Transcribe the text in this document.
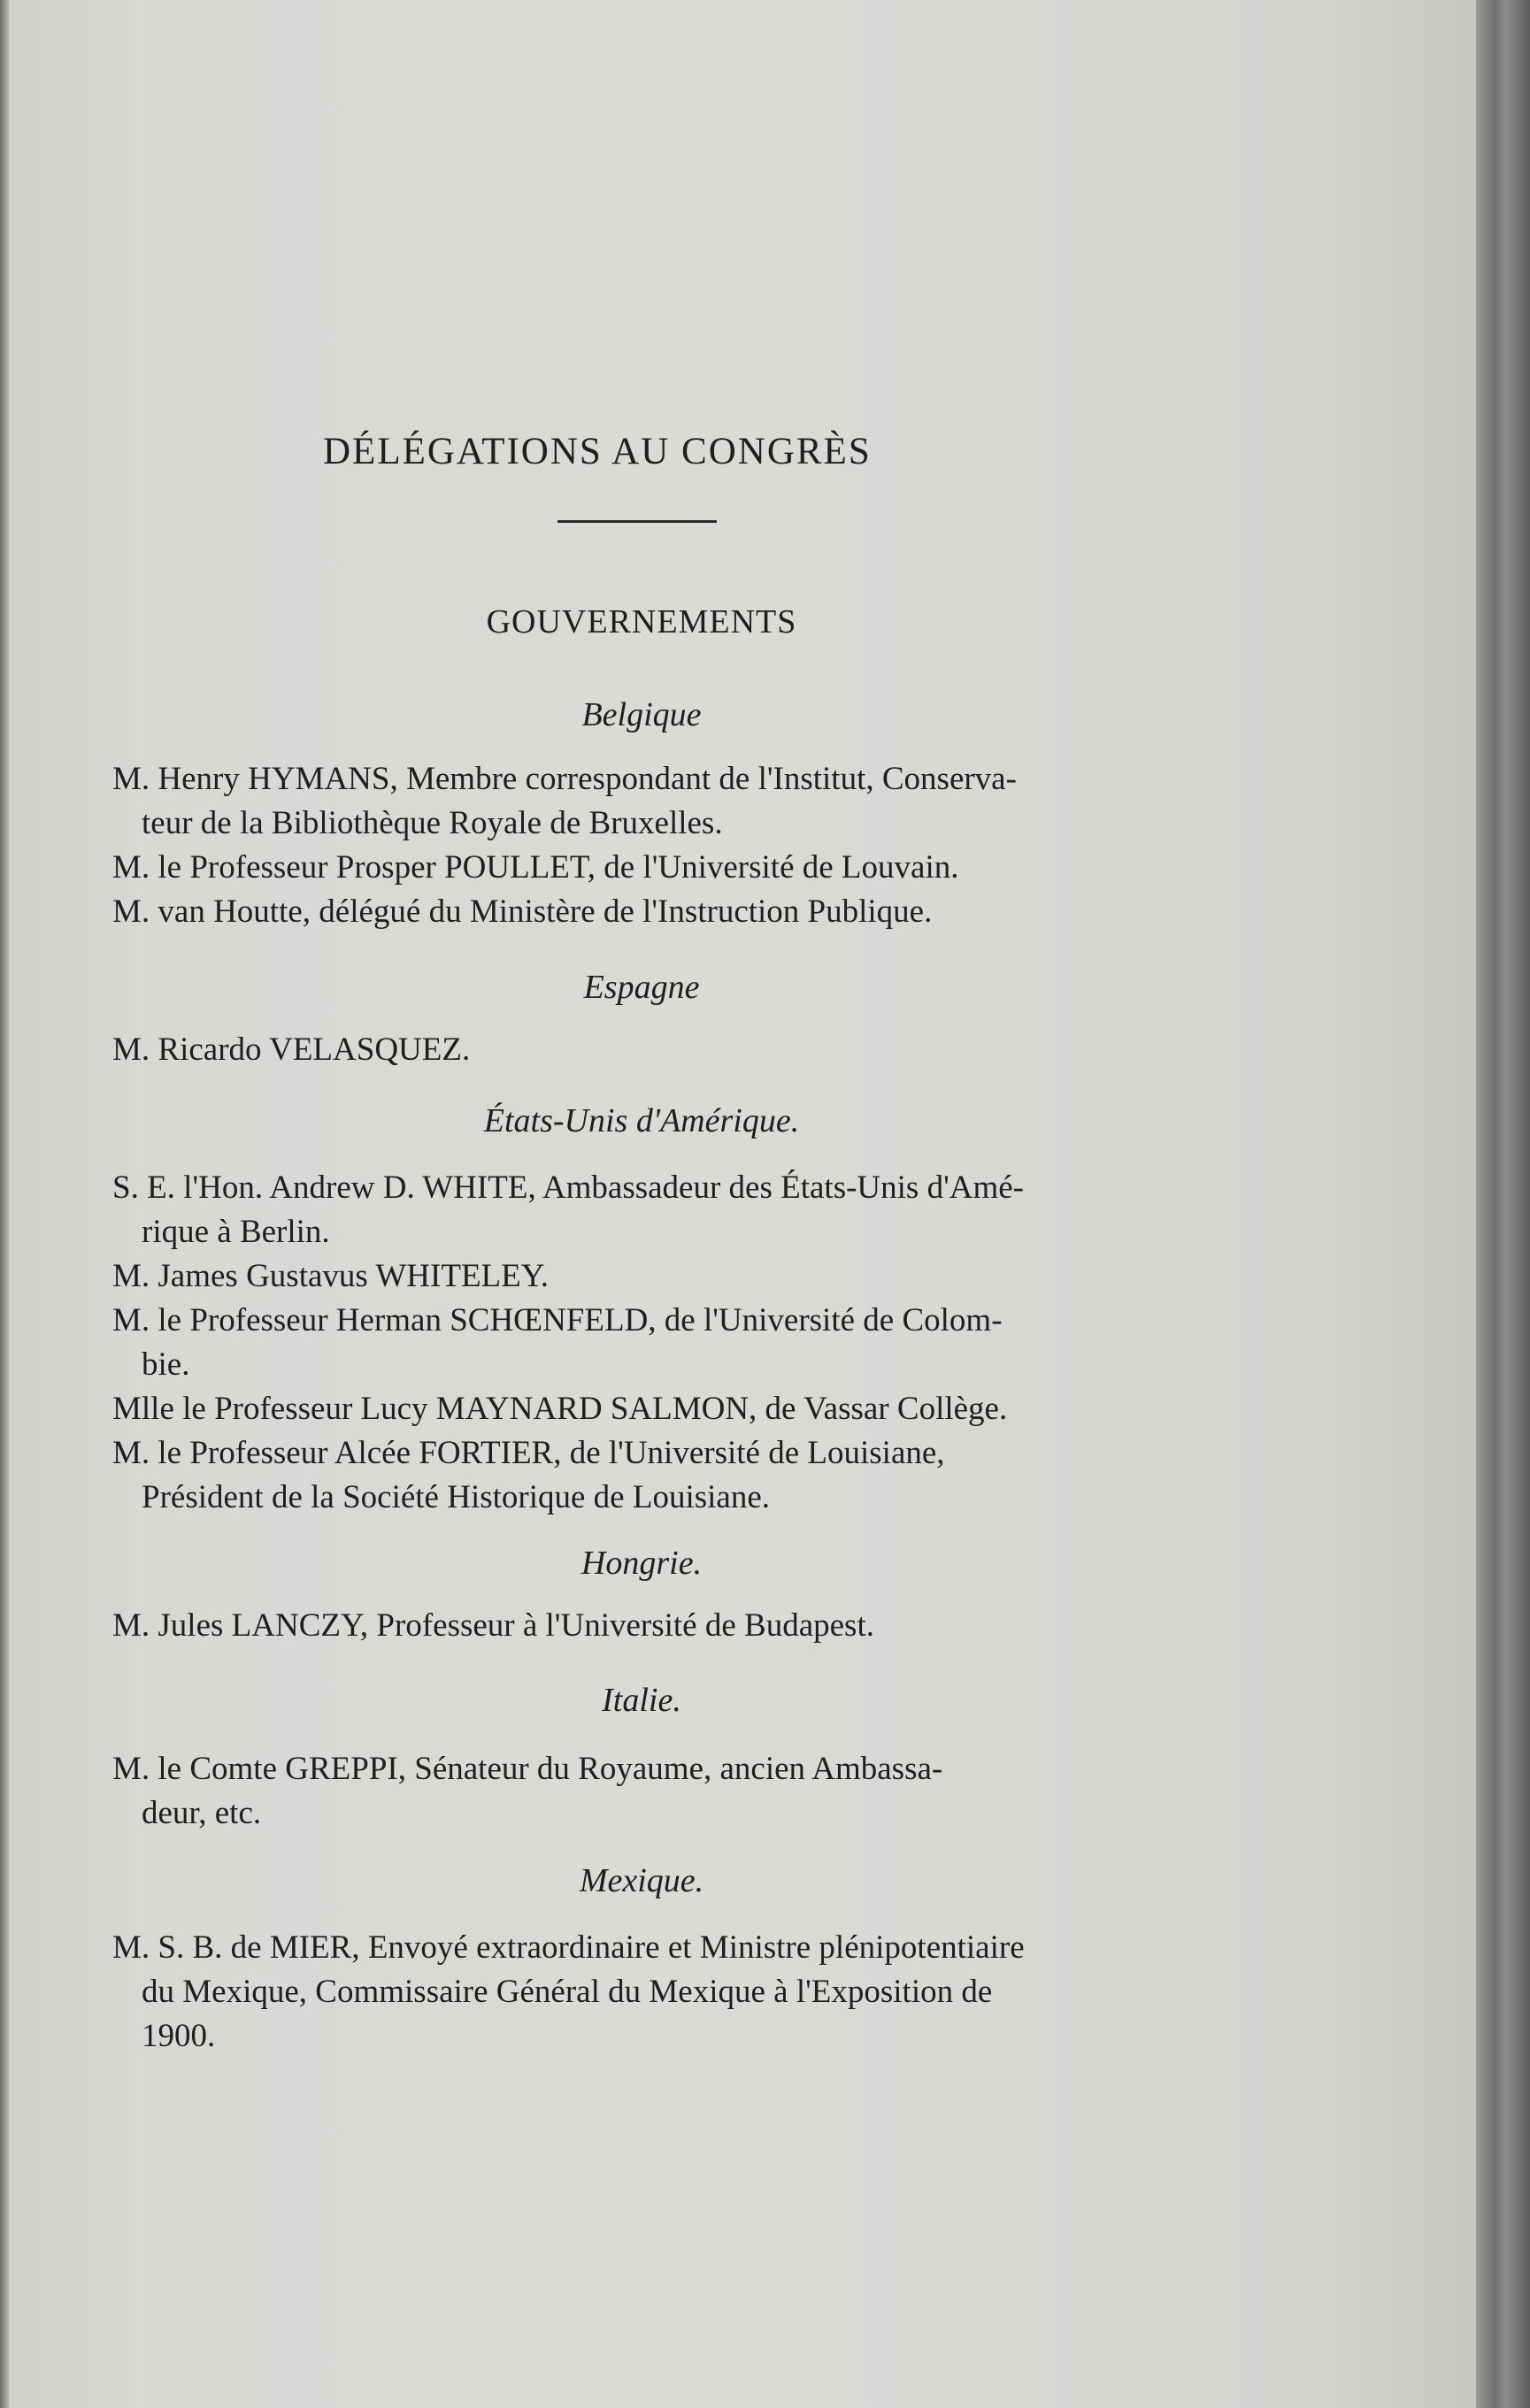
DÉLÉGATIONS AU CONGRÈS
GOUVERNEMENTS
Belgique
M. Henry HYMANS, Membre correspondant de l'Institut, Conserva-
teur de la Bibliothèque Royale de Bruxelles.
M. le Professeur Prosper POULLET, de l'Université de Louvain.
M. van Houtte, délégué du Ministère de l'Instruction Publique.
Espagne
M. Ricardo VELASQUEZ.
États-Unis d'Amérique.
S. E. l'Hon. Andrew D. WHITE, Ambassadeur des États-Unis d'Amé-
rique à Berlin.
M. James Gustavus WHITELEY.
M. le Professeur Herman SCHŒNFELD, de l'Université de Colom-
bie.
Mlle le Professeur Lucy MAYNARD SALMON, de Vassar Collège.
M. le Professeur Alcée FORTIER, de l'Université de Louisiane,
Président de la Société Historique de Louisiane.
Hongrie.
M. Jules LANCZY, Professeur à l'Université de Budapest.
Italie.
M. le Comte GREPPI, Sénateur du Royaume, ancien Ambassa-
deur, etc.
Mexique.
M. S. B. de MIER, Envoyé extraordinaire et Ministre plénipotentiaire
du Mexique, Commissaire Général du Mexique à l'Exposition de
1900.
